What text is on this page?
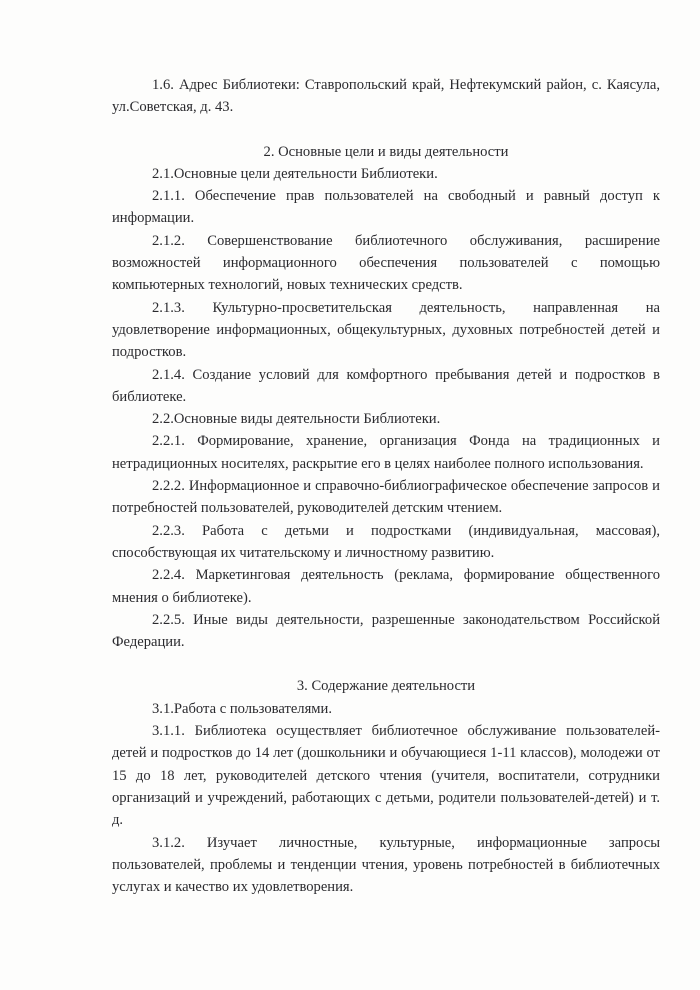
1.6. Адрес Библиотеки: Ставропольский край, Нефтекумский район, с. Каясула, ул.Советская, д. 43.

2. Основные цели и виды деятельности

2.1.Основные цели деятельности Библиотеки.

2.1.1. Обеспечение прав пользователей на свободный и равный доступ к информации.

2.1.2. Совершенствование библиотечного обслуживания, расширение возможностей информационного обеспечения пользователей с помощью компьютерных технологий, новых технических средств.

2.1.3. Культурно-просветительская деятельность, направленная на удовлетворение информационных, общекультурных, духовных потребностей детей и подростков.

2.1.4. Создание условий для комфортного пребывания детей и подростков в библиотеке.

2.2.Основные виды деятельности Библиотеки.

2.2.1. Формирование, хранение, организация Фонда на традиционных и нетрадиционных носителях, раскрытие его в целях наиболее полного использования.

2.2.2. Информационное и справочно-библиографическое обеспечение запросов и потребностей пользователей, руководителей детским чтением.

2.2.3. Работа с детьми и подростками (индивидуальная, массовая), способствующая их читательскому и личностному развитию.

2.2.4. Маркетинговая деятельность (реклама, формирование общественного мнения о библиотеке).

2.2.5. Иные виды деятельности, разрешенные законодательством Российской Федерации.

3. Содержание деятельности

3.1.Работа с пользователями.

3.1.1. Библиотека осуществляет библиотечное обслуживание пользователей-детей и подростков до 14 лет (дошкольники и обучающиеся 1-11 классов), молодежи от 15 до 18 лет, руководителей детского чтения (учителя, воспитатели, сотрудники организаций и учреждений, работающих с детьми, родители пользователей-детей) и т. д.

3.1.2. Изучает личностные, культурные, информационные запросы пользователей, проблемы и тенденции чтения, уровень потребностей в библиотечных услугах и качество их удовлетворения.
